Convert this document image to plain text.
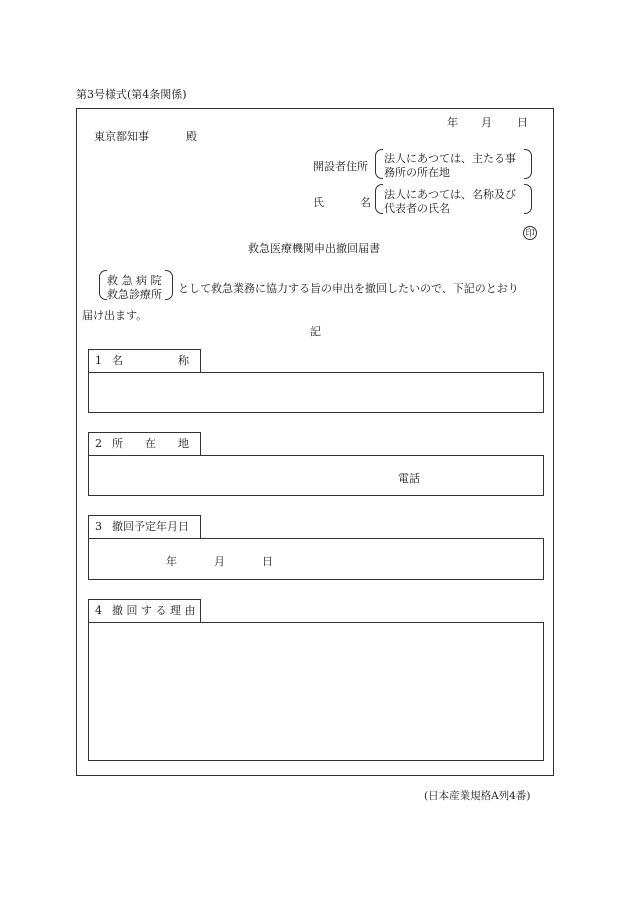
第3号様式(第4条関係)
年 月 日
東京都知事	殿
開設者住所
法人にあつては、主たる事
務所の所在地
氏	名
法人にあつては、名称及び
代表者の氏名
印
救急医療機関申出撤回届書
救 急 病 院
救急診療所 として救急業務に協力する旨の申出を撤回したいので、下記のとおり
届け出ます。
記
1 名　　　　　称
2 所　　在　　地
電話
3 撤回予定年月日
年	月	日
4 撤 回 す る 理 由
(日本産業規格A列4番)
